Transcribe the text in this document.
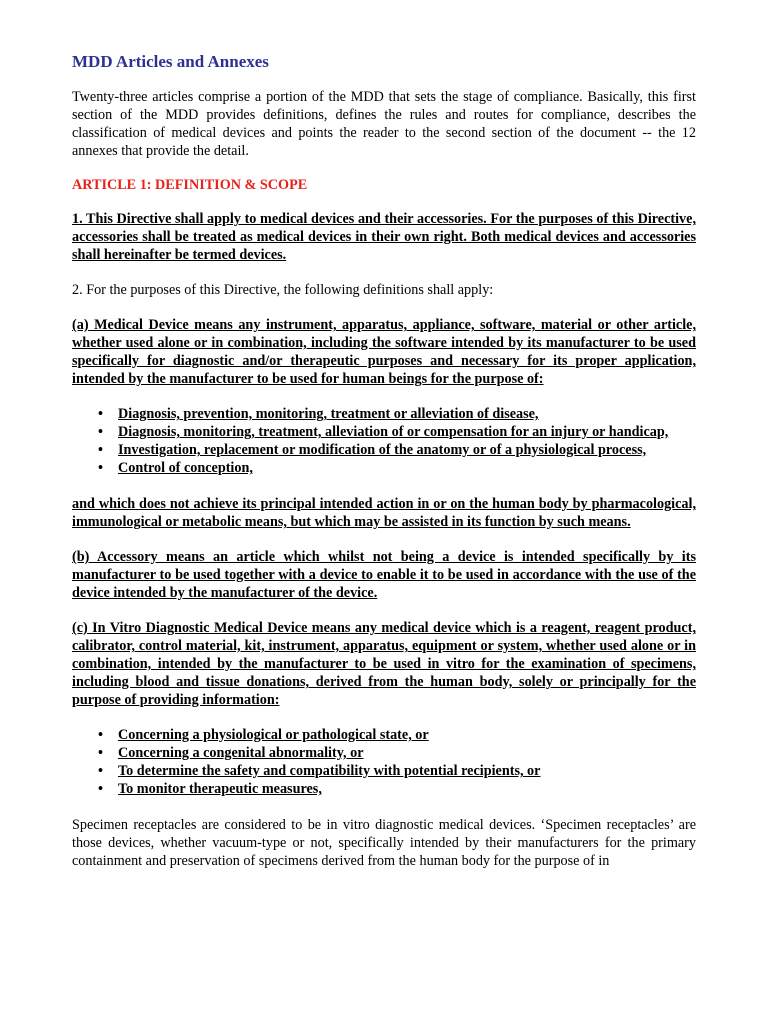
MDD Articles and Annexes

Twenty-three articles comprise a portion of the MDD that sets the stage of compliance. Basically, this first section of the MDD provides definitions, defines the rules and routes for compliance, describes the classification of medical devices and points the reader to the second section of the document -- the 12 annexes that provide the detail.

ARTICLE 1: DEFINITION & SCOPE

1. This Directive shall apply to medical devices and their accessories. For the purposes of this Directive, accessories shall be treated as medical devices in their own right. Both medical devices and accessories shall hereinafter be termed devices.

2. For the purposes of this Directive, the following definitions shall apply:

(a) Medical Device means any instrument, apparatus, appliance, software, material or other article, whether used alone or in combination, including the software intended by its manufacturer to be used specifically for diagnostic and/or therapeutic purposes and necessary for its proper application, intended by the manufacturer to be used for human beings for the purpose of:

• Diagnosis, prevention, monitoring, treatment or alleviation of disease,
• Diagnosis, monitoring, treatment, alleviation of or compensation for an injury or handicap,
• Investigation, replacement or modification of the anatomy or of a physiological process,
• Control of conception,

and which does not achieve its principal intended action in or on the human body by pharmacological, immunological or metabolic means, but which may be assisted in its function by such means.

(b) Accessory means an article which whilst not being a device is intended specifically by its manufacturer to be used together with a device to enable it to be used in accordance with the use of the device intended by the manufacturer of the device.

(c) In Vitro Diagnostic Medical Device means any medical device which is a reagent, reagent product, calibrator, control material, kit, instrument, apparatus, equipment or system, whether used alone or in combination, intended by the manufacturer to be used in vitro for the examination of specimens, including blood and tissue donations, derived from the human body, solely or principally for the purpose of providing information:

• Concerning a physiological or pathological state, or
• Concerning a congenital abnormality, or
• To determine the safety and compatibility with potential recipients, or
• To monitor therapeutic measures,

Specimen receptacles are considered to be in vitro diagnostic medical devices. ‘Specimen receptacles’ are those devices, whether vacuum-type or not, specifically intended by their manufacturers for the primary containment and preservation of specimens derived from the human body for the purpose of in
